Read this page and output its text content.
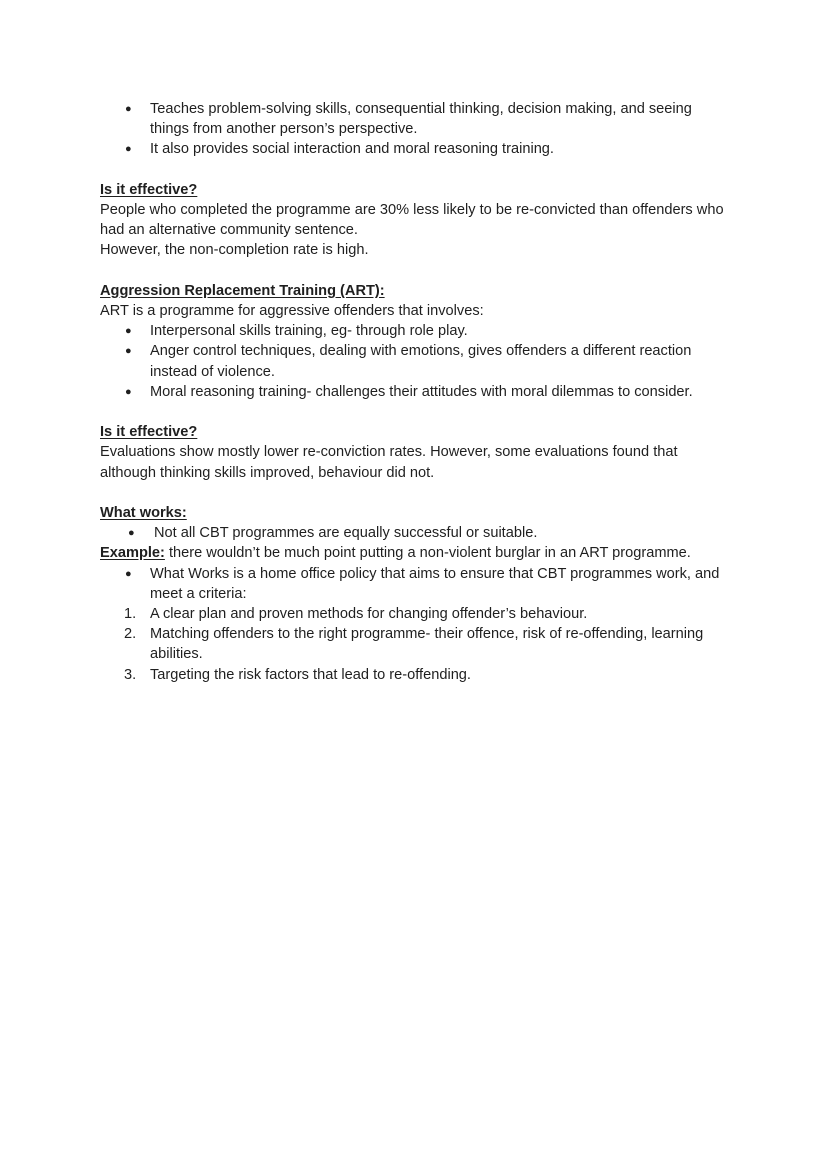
● Teaches problem-solving skills, consequential thinking, decision making, and seeing things from another person’s perspective.
● It also provides social interaction and moral reasoning training.

Is it effective?

People who completed the programme are 30% less likely to be re-convicted than offenders who had an alternative community sentence.

However, the non-completion rate is high.

Aggression Replacement Training (ART):

ART is a programme for aggressive offenders that involves:

● Interpersonal skills training, eg- through role play.
● Anger control techniques, dealing with emotions, gives offenders a different reaction instead of violence.
● Moral reasoning training- challenges their attitudes with moral dilemmas to consider.

Is it effective?

Evaluations show mostly lower re-conviction rates. However, some evaluations found that although thinking skills improved, behaviour did not.

What works:

● Not all CBT programmes are equally successful or suitable.

Example: there wouldn’t be much point putting a non-violent burglar in an ART programme.

● What Works is a home office policy that aims to ensure that CBT programmes work, and meet a criteria:
1. A clear plan and proven methods for changing offender’s behaviour.
2. Matching offenders to the right programme- their offence, risk of re-offending, learning abilities.
3. Targeting the risk factors that lead to re-offending.
